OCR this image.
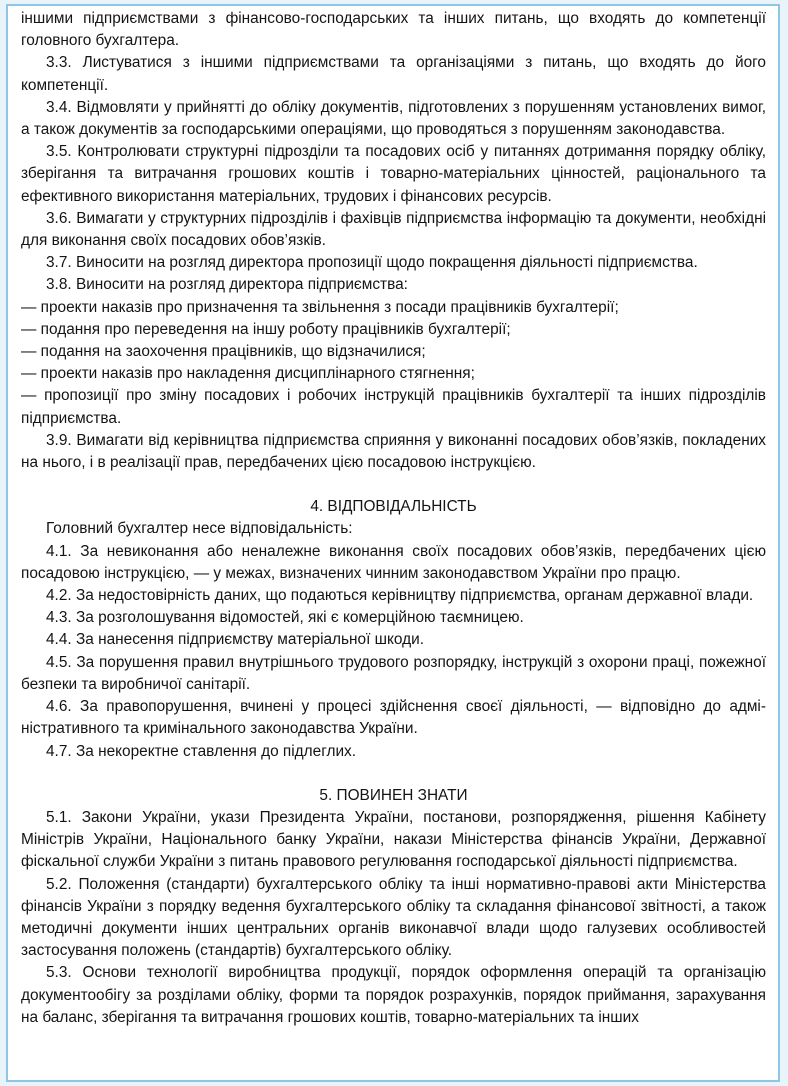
іншими підприємствами з фінансово-господарських та інших питань, що входять до компетенції головного бухгалтера.

3.3. Листуватися з іншими підприємствами та організаціями з питань, що входять до його компетенції.

3.4. Відмовляти у прийнятті до обліку документів, підготовлених з порушенням установлених вимог, а також документів за господарськими операціями, що проводяться з порушенням законодавства.

3.5. Контролювати структурні підрозділи та посадових осіб у питаннях дотримання порядку обліку, зберігання та витрачання грошових коштів і товарно-матеріальних цінностей, раціонального та ефективного використання матеріальних, трудових і фінансових ресурсів.

3.6. Вимагати у структурних підрозділів і фахівців підприємства інформацію та документи, необхідні для виконання своїх посадових обов’язків.

3.7. Виносити на розгляд директора пропозиції щодо покращення діяльності підприємства.

3.8. Виносити на розгляд директора підприємства:

— проекти наказів про призначення та звільнення з посади працівників бухгалтерії;

— подання про переведення на іншу роботу працівників бухгалтерії;

— подання на заохочення працівників, що відзначилися;

— проекти наказів про накладення дисциплінарного стягнення;

— пропозиції про зміну посадових і робочих інструкцій працівників бухгалтерії та інших підрозділів підприємства.

3.9. Вимагати від керівництва підприємства сприяння у виконанні посадових обов’язків, покладених на нього, і в реалізації прав, передбачених цією посадовою інструкцією.

4. ВІДПОВІДАЛЬНІСТЬ

Головний бухгалтер несе відповідальність:

4.1. За невиконання або неналежне виконання своїх посадових обов’язків, передбачених цією посадовою інструкцією, — у межах, визначених чинним законодавством України про працю.

4.2. За недостовірність даних, що подаються керівництву підприємства, органам державної влади.

4.3. За розголошування відомостей, які є комерційною таємницею.

4.4. За нанесення підприємству матеріальної шкоди.

4.5. За порушення правил внутрішнього трудового розпорядку, інструкцій з охорони праці, пожежної безпеки та виробничої санітарії.

4.6. За правопорушення, вчинені у процесі здійснення своєї діяльності, — відповідно до адміністративного та кримінального законодавства України.

4.7. За некоректне ставлення до підлеглих.

5. ПОВИНЕН ЗНАТИ

5.1. Закони України, укази Президента України, постанови, розпорядження, рішення Кабінету Міністрів України, Національного банку України, накази Міністерства фінансів України, Державної фіскальної служби України з питань правового регулювання господарської діяльності підприємства.

5.2. Положення (стандарти) бухгалтерського обліку та інші нормативно-правові акти Міністерства фінансів України з порядку ведення бухгалтерського обліку та складання фінансової звітності, а також методичні документи інших центральних органів виконавчої влади щодо галузевих особливостей застосування положень (стандартів) бухгалтерського обліку.

5.3. Основи технології виробництва продукції, порядок оформлення операцій та організацію документообігу за розділами обліку, форми та порядок розрахунків, порядок приймання, зарахування на баланс, зберігання та витрачання грошових коштів, товарно-матеріальних та інших
